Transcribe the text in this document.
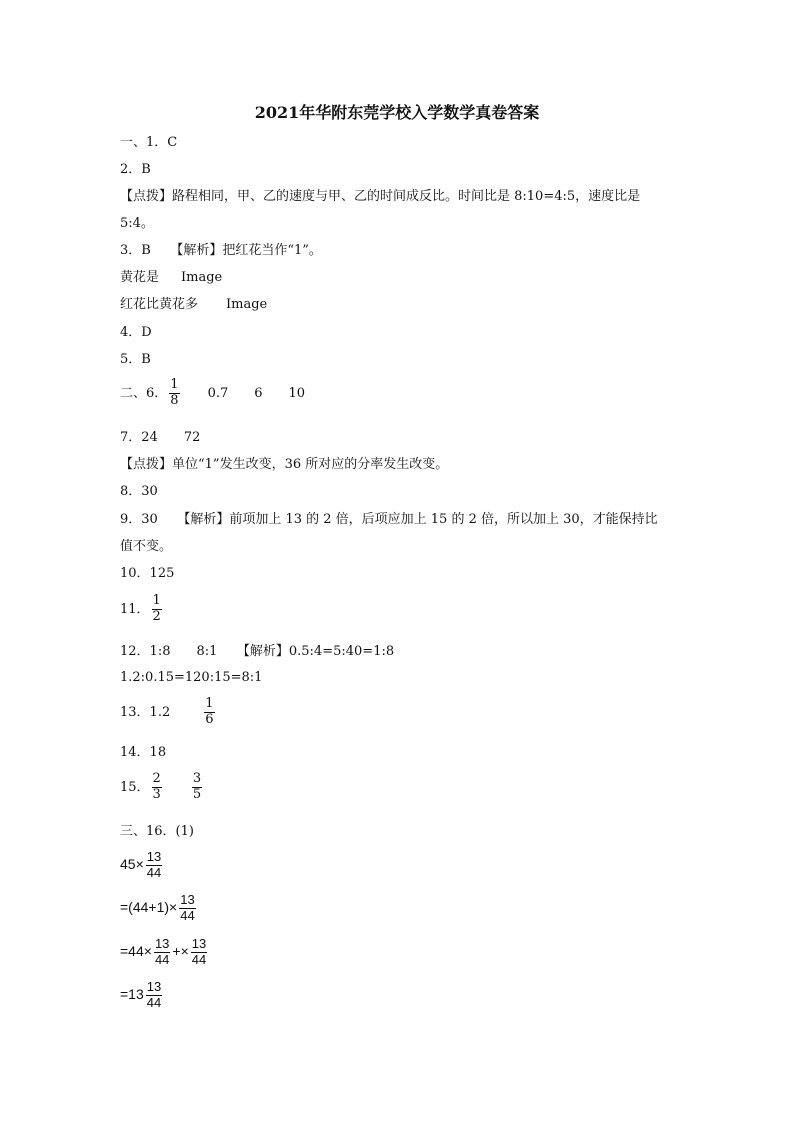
2021年华附东莞学校入学数学真卷答案
一、1．C
2．B
【点拨】路程相同，甲、乙的速度与甲、乙的时间成反比。时间比是 8:10=4:5，速度比是
5:4。
3．B　　【解析】把红花当作“1”。
黄花是 Image
红花比黄花多 Image
4．D
5．B
二、6． $\frac{1}{8} 0.7$ 6 10
7．24　　72
【点拨】单位“1”发生改变，36 所对应的分率发生改变。
8．30
9．30　　【解析】前项加上 13 的 2 倍，后项应加上 15 的 2 倍，所以加上 30，才能保持比
值不变。
10．125
11． $\frac{1}{2}$
12．1:8　　8:1　　【解析】0.5:4=5:40=1:8
1.2:0.15=120:15=8:1
13．1.2	$\frac{1}{6}$
14．18
15． $\frac{2}{3} \frac{3}{5}$
三、16．(1)
$45\times \frac{13}{44}$
$=(44+1)\times \frac{13}{44}$
$=44\times \frac{13}{44} +\times \frac{13}{44}$
$=13 \frac{13}{44}$
